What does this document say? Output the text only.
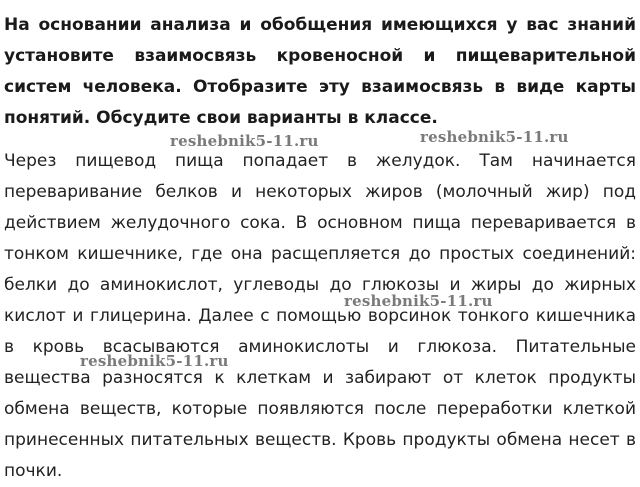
На основании анализа и обобщения имеющихся у вас знаний установите взаимосвязь кровеносной и пищеварительной систем человека. Отобразите эту взаимосвязь в виде карты понятий. Обсудите свои варианты в классе.

Через пищевод пища попадает в желудок. Там начинается переваривание белков и некоторых жиров (молочный жир) под действием желудочного сока. В основном пища переваривается в тонком кишечнике, где она расщепляется до простых соединений: белки до аминокислот, углеводы до глюкозы и жиры до жирных кислот и глицерина. Далее с помощью ворсинок тонкого кишечника в кровь всасываются аминокислоты и глюкоза. Питательные вещества разносятся к клеткам и забирают от клеток продукты обмена веществ, которые появляются после переработки клеткой принесенных питательных веществ. Кровь продукты обмена несет в почки.

reshebnik5-11.ru	reshebnik5-11.ru
reshebnik5-11.ru
reshebnik5-11.ru
